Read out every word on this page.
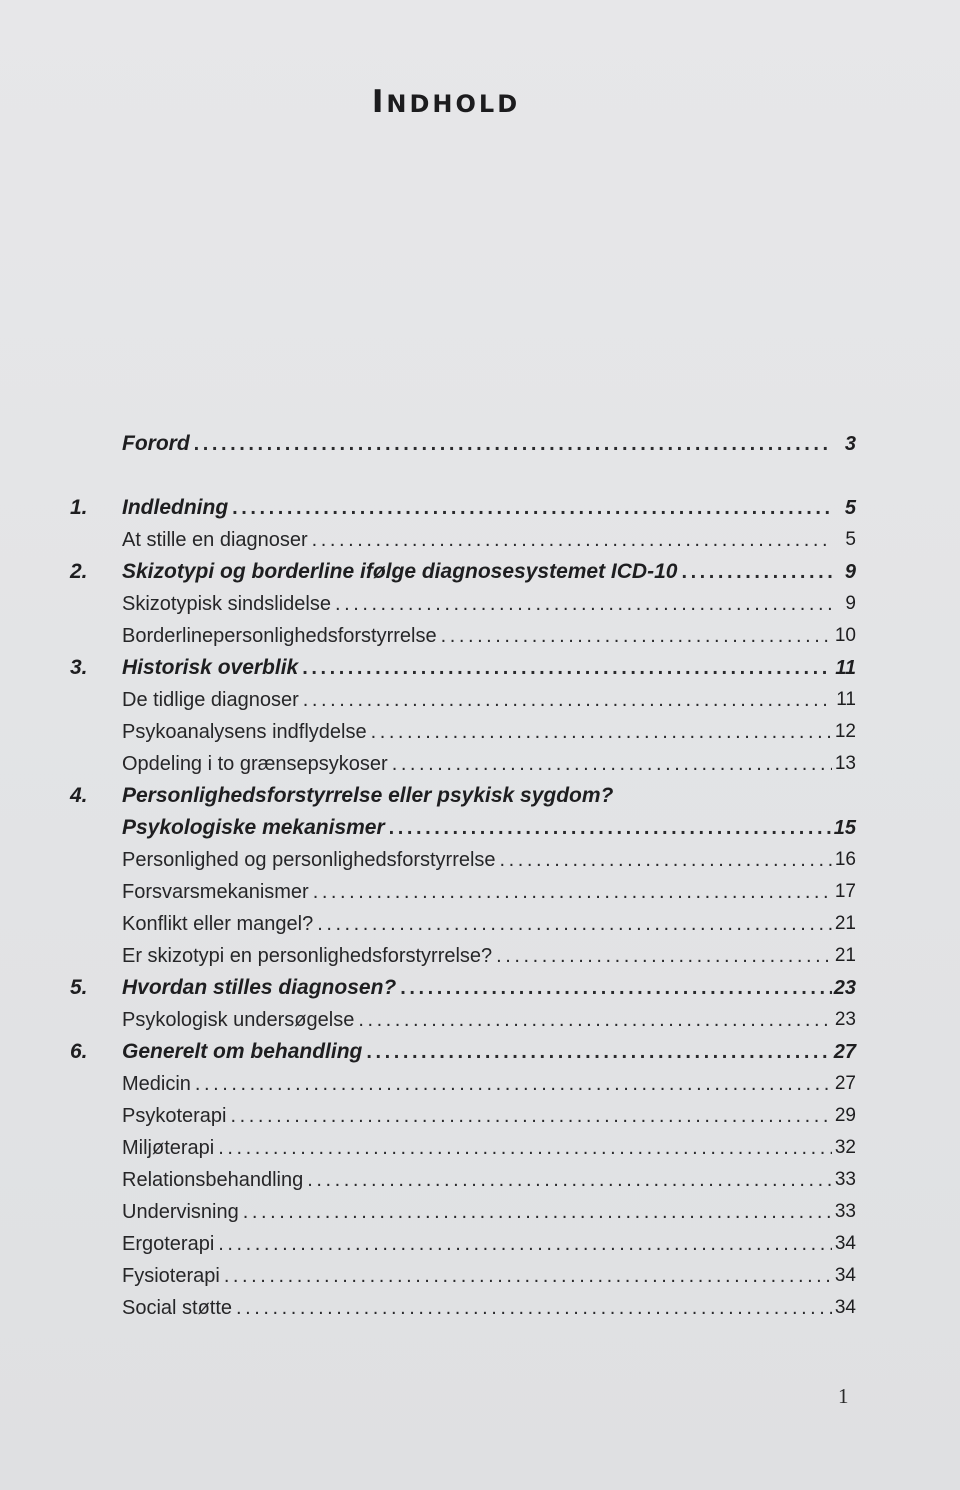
INDHOLD
Forord . . .	3
1.	Indledning . . .	5
At stille en diagnoser . . .	5
2.	Skizotypi og borderline ifølge diagnosesystemet ICD-10 . . .	9
Skizotypisk sindslidelse . . .	9
Borderlinepersonlighedsforstyrrelse . . .	10
3.	Historisk overblik . . .	11
De tidlige diagnoser . . .	11
Psykoanalysens indflydelse . . .	12
Opdeling i to grænsepsykoser . . .	13
4.	Personlighedsforstyrrelse eller psykisk sygdom?
Psykologiske mekanismer . . .	15
Personlighed og personlighedsforstyrrelse . . .	16
Forsvarsmekanismer . . .	17
Konflikt eller mangel? . . .	21
Er skizotypi en personlighedsforstyrrelse? . . .	21
5.	Hvordan stilles diagnosen? . . .	23
Psykologisk undersøgelse . . .	23
6.	Generelt om behandling . . .	27
Medicin . . .	27
Psykoterapi . . .	29
Miljøterapi . . .	32
Relationsbehandling . . .	33
Undervisning . . .	33
Ergoterapi . . .	34
Fysioterapi . . .	34
Social støtte . . .	34
1
